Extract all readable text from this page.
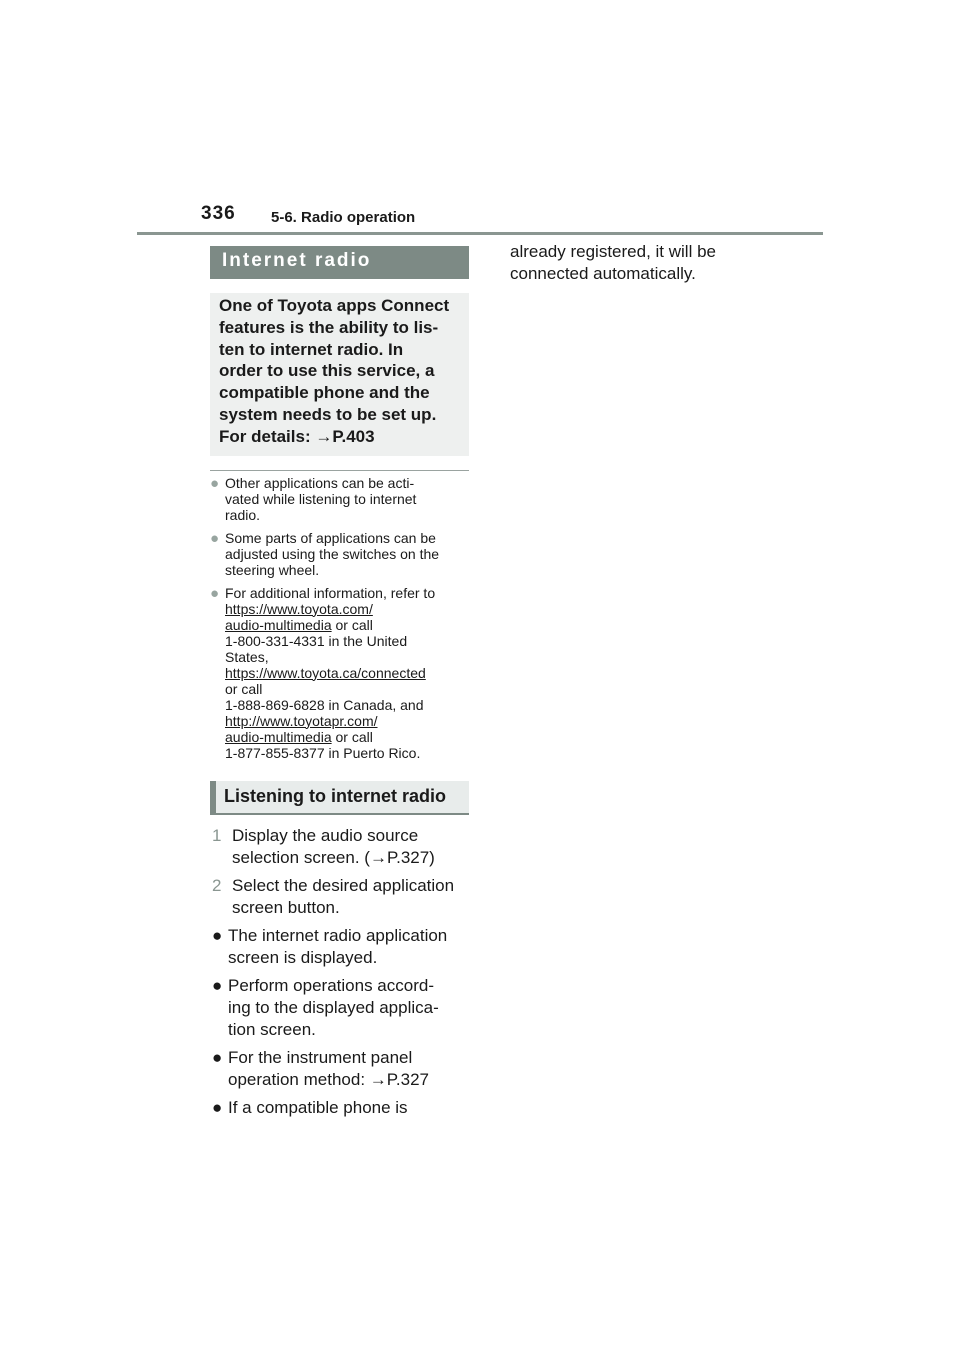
336 5-6. Radio operation
Internet radio
One of Toyota apps Connect
features is the ability to lis-
ten to internet radio. In
order to use this service, a
compatible phone and the
system needs to be set up.
For details: →P.403
● Other applications can be acti-
vated while listening to internet
radio.
● Some parts of applications can be
adjusted using the switches on the
steering wheel.
● For additional information, refer to
https://www.toyota.com/
audio-multimedia or call
1-800-331-4331 in the United
States,
https://www.toyota.ca/connected
or call
1-888-869-6828 in Canada, and
http://www.toyotapr.com/
audio-multimedia or call
1-877-855-8377 in Puerto Rico.
Listening to internet radio
1 Display the audio source
selection screen. (→P.327)
2 Select the desired application
screen button.
● The internet radio application
screen is displayed.
● Perform operations accord-
ing to the displayed applica-
tion screen.
● For the instrument panel
operation method: →P.327
● If a compatible phone is
already registered, it will be
connected automatically.
